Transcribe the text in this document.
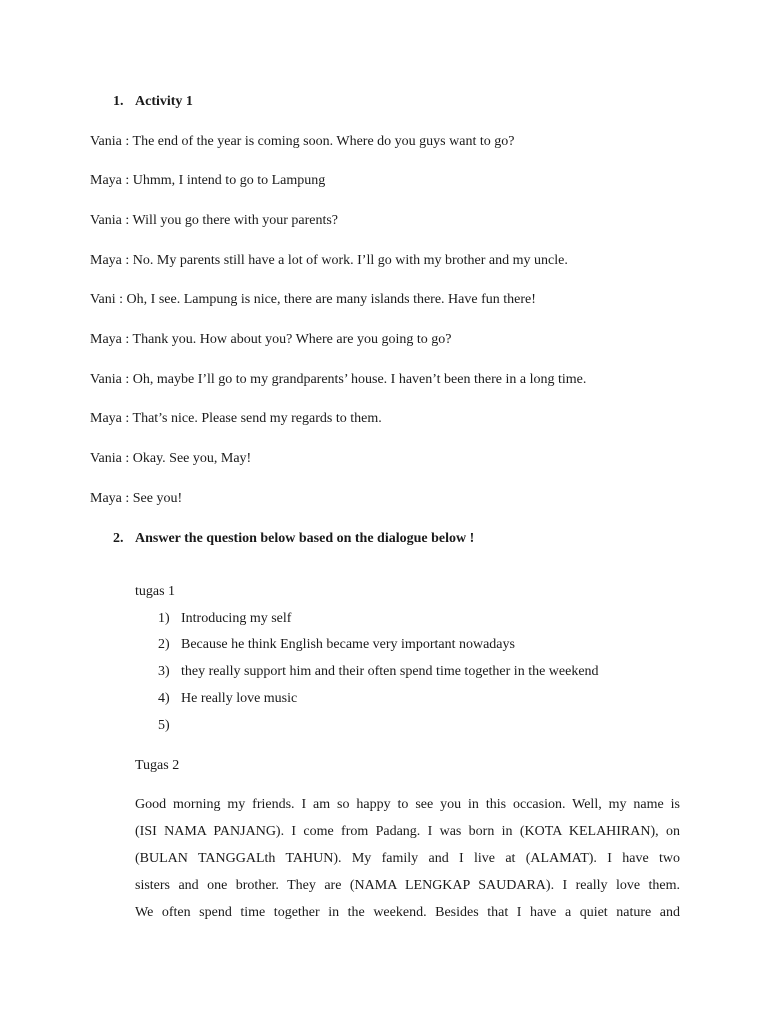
1. Activity 1
Vania : The end of the year is coming soon. Where do you guys want to go?
Maya : Uhmm, I intend to go to Lampung
Vania : Will you go there with your parents?
Maya : No. My parents still have a lot of work. I’ll go with my brother and my uncle.
Vani : Oh, I see. Lampung is nice, there are many islands there. Have fun there!
Maya : Thank you. How about you? Where are you going to go?
Vania : Oh, maybe I’ll go to my grandparents’ house. I haven’t been there in a long time.
Maya : That’s nice. Please send my regards to them.
Vania : Okay. See you, May!
Maya : See you!
2. Answer the question below based on the dialogue below !
tugas 1
1) Introducing my self
2) Because he think English became very important nowadays
3) they really support him and their often spend time together in the weekend
4) He really love music
5)
Tugas 2
Good morning my friends. I am so happy to see you in this occasion. Well, my name is
(ISI NAMA PANJANG). I come from Padang. I was born in (KOTA KELAHIRAN), on
(BULAN TANGGALth TAHUN). My family and I live at (ALAMAT). I have two
sisters and one brother. They are (NAMA LENGKAP SAUDARA). I really love them.
We often spend time together in the weekend. Besides that I have a quiet nature and
